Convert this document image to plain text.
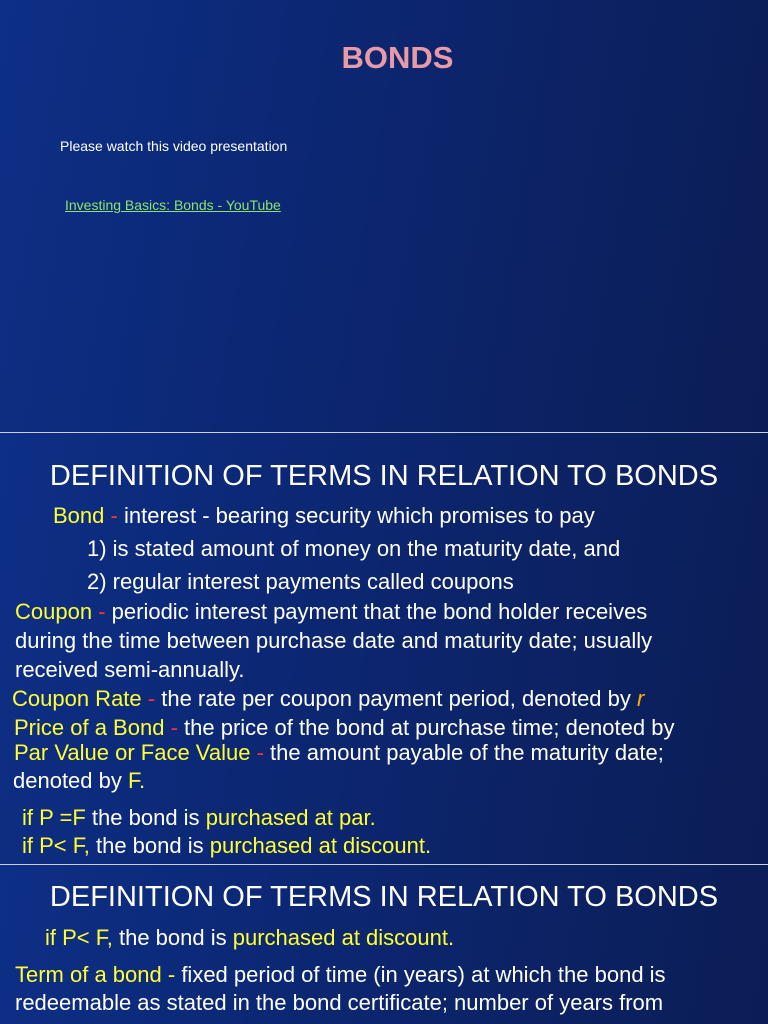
BONDS
Please watch this video presentation
Investing Basics: Bonds - YouTube
DEFINITION OF TERMS IN RELATION TO BONDS
Bond - interest - bearing security which promises to pay
1) is stated amount of money on the maturity date, and
2) regular interest payments called coupons
Coupon - periodic interest payment that the bond holder receives
during the time between purchase date and maturity date; usually
received semi-annually.
Coupon Rate - the rate per coupon payment period, denoted by r
Price of a Bond - the price of the bond at purchase time; denoted by
Par Value or Face Value - the amount payable of the maturity date;
denoted by F.
if P =F the bond is purchased at par.
if P< F, the bond is purchased at discount.
DEFINITION OF TERMS IN RELATION TO BONDS
if P< F, the bond is purchased at discount.
Term of a bond - fixed period of time (in years) at which the bond is
redeemable as stated in the bond certificate; number of years from
